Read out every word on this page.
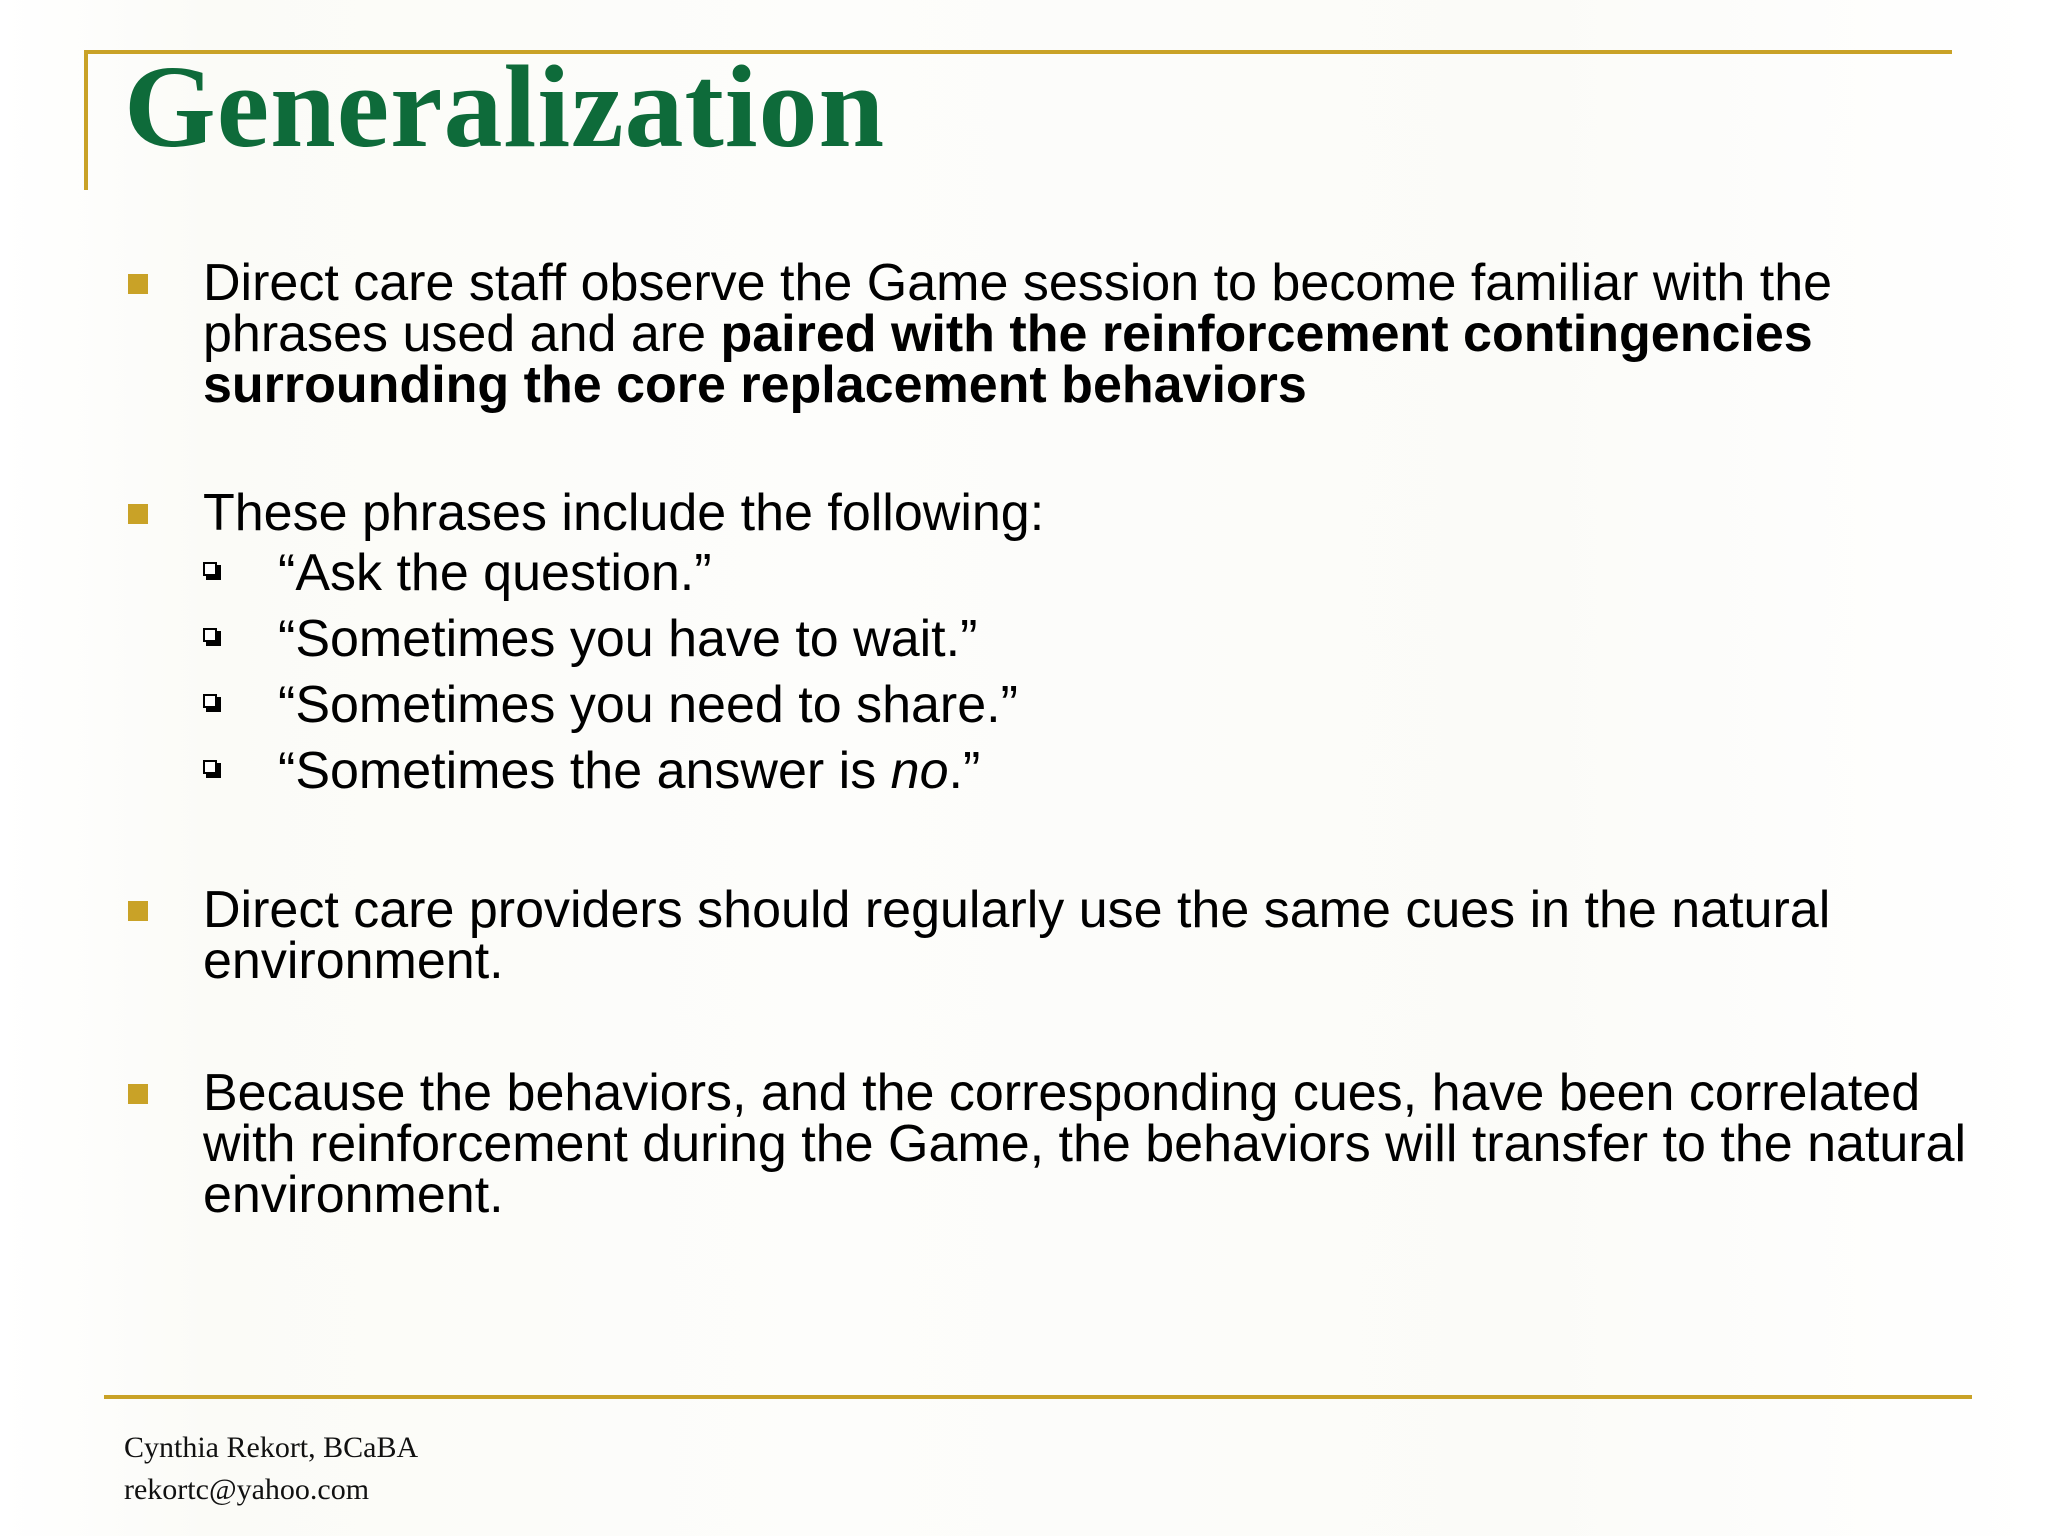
Generalization
Direct care staff observe the Game session to become familiar with the phrases used and are paired with the reinforcement contingencies surrounding the core replacement behaviors
These phrases include the following:
“Ask the question.”
“Sometimes you have to wait.”
“Sometimes you need to share.”
“Sometimes the answer is no.”
Direct care providers should regularly use the same cues in the natural environment.
Because the behaviors, and the corresponding cues, have been correlated with reinforcement during the Game, the behaviors will transfer to the natural environment.
Cynthia Rekort, BCaBA
rekortc@yahoo.com
